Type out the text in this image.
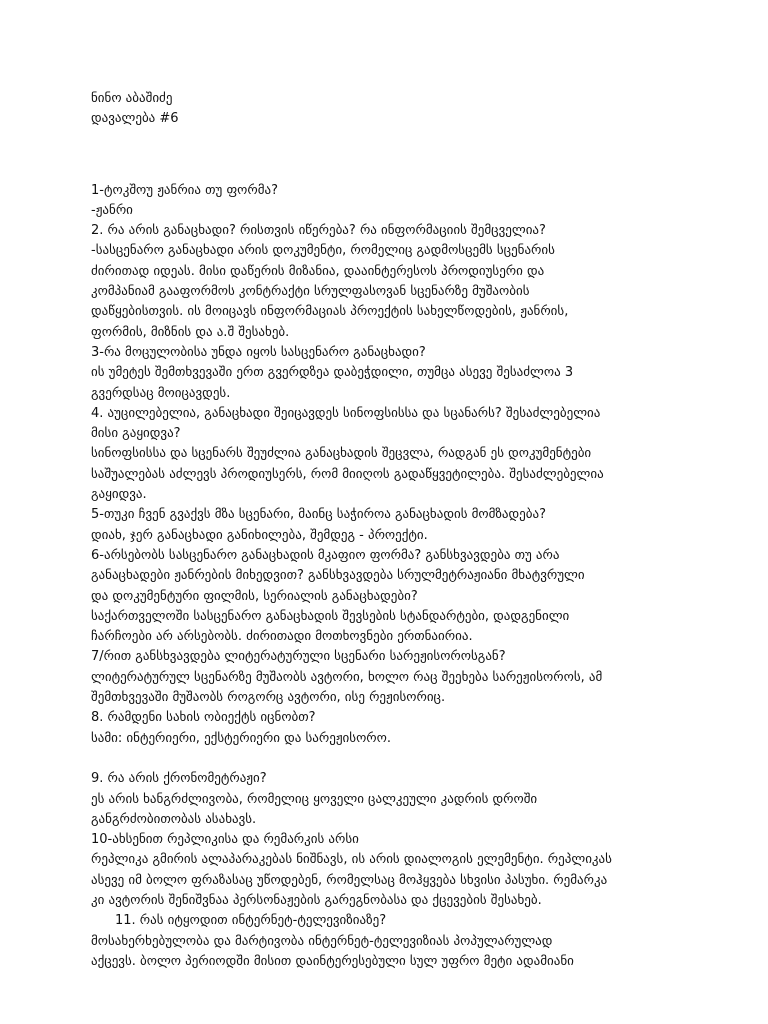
ნინო აბაშიძე
დავალება #6
1-ტოკშოუ ჟანრია თუ ფორმა?
-ჟანრი
2. რა არის განაცხადი? რისთვის იწერება? რა ინფორმაციის შემცველია?
-სასცენარო განაცხადი არის დოკუმენტი, რომელიც გადმოსცემს სცენარის
ძირითად იდეას. მისი დაწერის მიზანია, დააინტერესოს პროდიუსერი და
კომპანიამ გააფორმოს კონტრაქტი სრულფასოვან სცენარზე მუშაობის
დაწყებისთვის. ის მოიცავს ინფორმაციას პროექტის სახელწოდების, ჟანრის,
ფორმის, მიზნის და ა.შ შესახებ.
3-რა მოცულობისა უნდა იყოს სასცენარო განაცხადი?
ის უმეტეს შემთხვევაში ერთ გვერდზეა დაბეჭდილი, თუმცა ასევე შესაძლოა 3
გვერდსაც მოიცავდეს.
4. აუცილებელია, განაცხადი შეიცავდეს სინოფსისსა და სცანარს? შესაძლებელია
მისი გაყიდვა?
სინოფსისსა და სცენარს შეუძლია განაცხადის შეცვლა, რადგან ეს დოკუმენტები
საშუალებას აძლევს პროდიუსერს, რომ მიიღოს გადაწყვეტილება. შესაძლებელია
გაყიდვა.
5-თუკი ჩვენ გვაქვს მზა სცენარი, მაინც საჭიროა განაცხადის მომზადება?
დიახ, ჯერ განაცხადი განიხილება, შემდეგ - პროექტი.
6-არსებობს სასცენარო განაცხადის მკაფიო ფორმა? განსხვავდება თუ არა
განაცხადები ჟანრების მიხედვით? განსხვავდება სრულმეტრაჟიანი მხატვრული
და დოკუმენტური ფილმის, სერიალის განაცხადები?
საქართველოში სასცენარო განაცხადის შევსების სტანდარტები, დადგენილი
ჩარჩოები არ არსებობს. ძირითადი მოთხოვნები ერთნაირია.
7/რით განსხვავდება ლიტერატურული სცენარი სარეჟისოროსგან?
ლიტერატურულ სცენარზე მუშაობს ავტორი, ხოლო რაც შეეხება სარეჟისოროს, ამ
შემთხვევაში მუშაობს როგორც ავტორი, ისე რეჟისორიც.
8. რამდენი სახის ობიექტს იცნობთ?
სამი: ინტერიერი, ექსტერიერი და სარეჟისორო.
9. რა არის ქრონომეტრაჟი?
ეს არის ხანგრძლივობა, რომელიც ყოველი ცალკეული კადრის დროში
განგრძობითობას ასახავს.
10-ახსენით რეპლიკისა და რემარკის არსი
რეპლიკა გმირის ალაპარაკებას ნიშნავს, ის არის დიალოგის ელემენტი. რეპლიკას
ასევე იმ ბოლო ფრაზასაც უწოდებენ, რომელსაც მოჰყვება სხვისი პასუხი. რემარკა
კი ავტორის შენიშვნაა პერსონაჟების გარეგნობასა და ქცევების შესახებ.
11. რას იტყოდით ინტერნეტ-ტელევიზიაზე?
მოსახერხებულობა და მარტივობა ინტერნეტ-ტელევიზიას პოპულარულად
აქცევს. ბოლო პერიოდში მისით დაინტერესებული სულ უფრო მეტი ადამიანი
